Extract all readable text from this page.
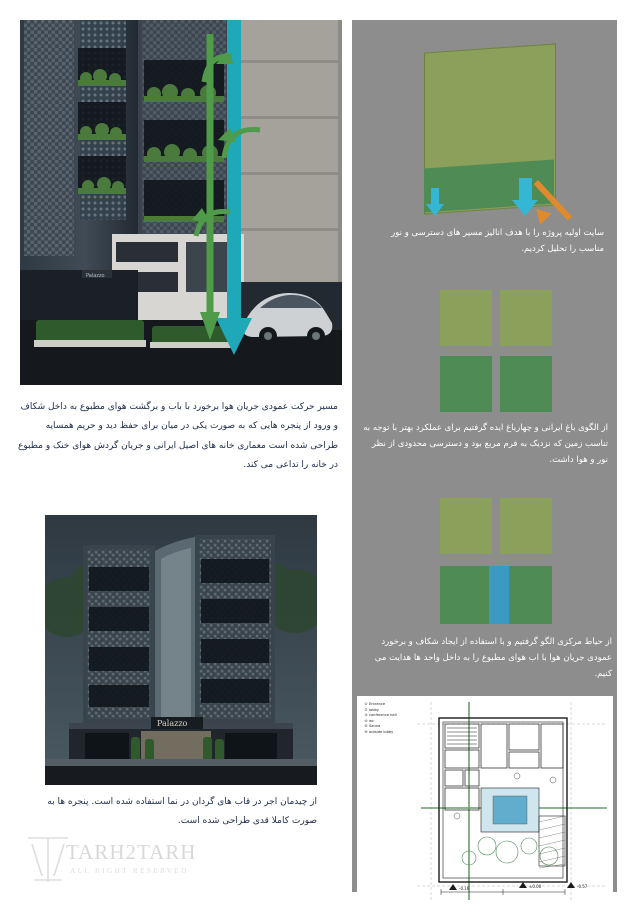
سایت اولیه پروژه را با هدف انالیز مسیر های دسترسی و نور مناسب را تحلیل کردیم.
از الگوی باغ ایرانی و چهارباغ ایده گرفتیم برای عملکرد بهتر با توجه به تناسب زمین که نزدیک به فرم مربع بود و دسترسی محدودی از نظر نور و هوا داشت.
از حیاط مرکزی الگو گرفتیم و با استفاده از ایجاد شکاف و برخورد عمودی جریان هوا با اب هوای مطبوع را به داخل واحد ها هدایت می کنیم.
-0.16	±0.00	-0.57
①Entrance
②lobby
③conference hall
④wc
⑤Sauna
⑥outside lobby
Palazzo
مسیر حرکت عمودی جریان هوا برخورد با باب و برگشت هوای مطبوع به داخل شکاف و ورود از پنجره هایی که به صورت یکی در میان برای حفظ دید و حریم همسایه طراحی شده است معماری خانه های اصیل ایرانی و جریان گردش هوای خنک و مطبوع در خانه را تداعی می کند.
Palazzo
از چیدمان اجر در قاب های گردان در نما استفاده شده است. پنجره ها به صورت کاملا قدی طراحی شده است.
TARH2TARH
ALL RIGHT RESERVED
